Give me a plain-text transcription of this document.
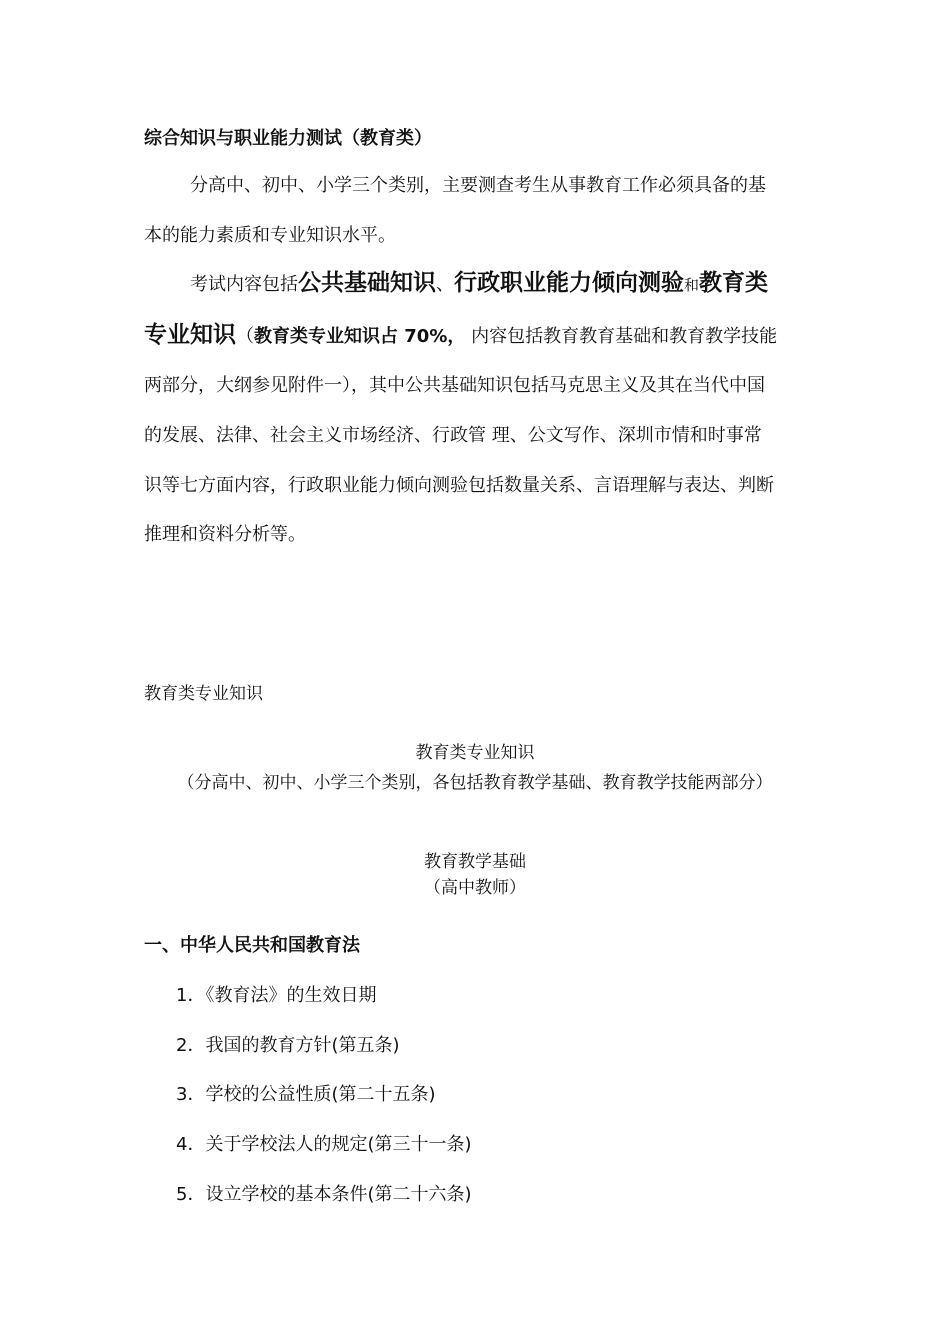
综合知识与职业能力测试（教育类）
分高中、初中、小学三个类别，主要测查考生从事教育工作必须具备的基
本的能力素质和专业知识水平。
考试内容包括公共基础知识、行政职业能力倾向测验和教育类
专业知识（教育类专业知识占 70%， 内容包括教育教育基础和教育教学技能
两部分，大纲参见附件一），其中公共基础知识包括马克思主义及其在当代中国
的发展、法律、社会主义市场经济、行政管 理、公文写作、深圳市情和时事常
识等七方面内容，行政职业能力倾向测验包括数量关系、言语理解与表达、判断
推理和资料分析等。
教育类专业知识
教育类专业知识
（分高中、初中、小学三个类别，各包括教育教学基础、教育教学技能两部分）
教育教学基础
（高中教师）
一、中华人民共和国教育法
1．《教育法》的生效日期
2．我国的教育方针(第五条)
3．学校的公益性质(第二十五条)
4．关于学校法人的规定(第三十一条)
5．设立学校的基本条件(第二十六条)
